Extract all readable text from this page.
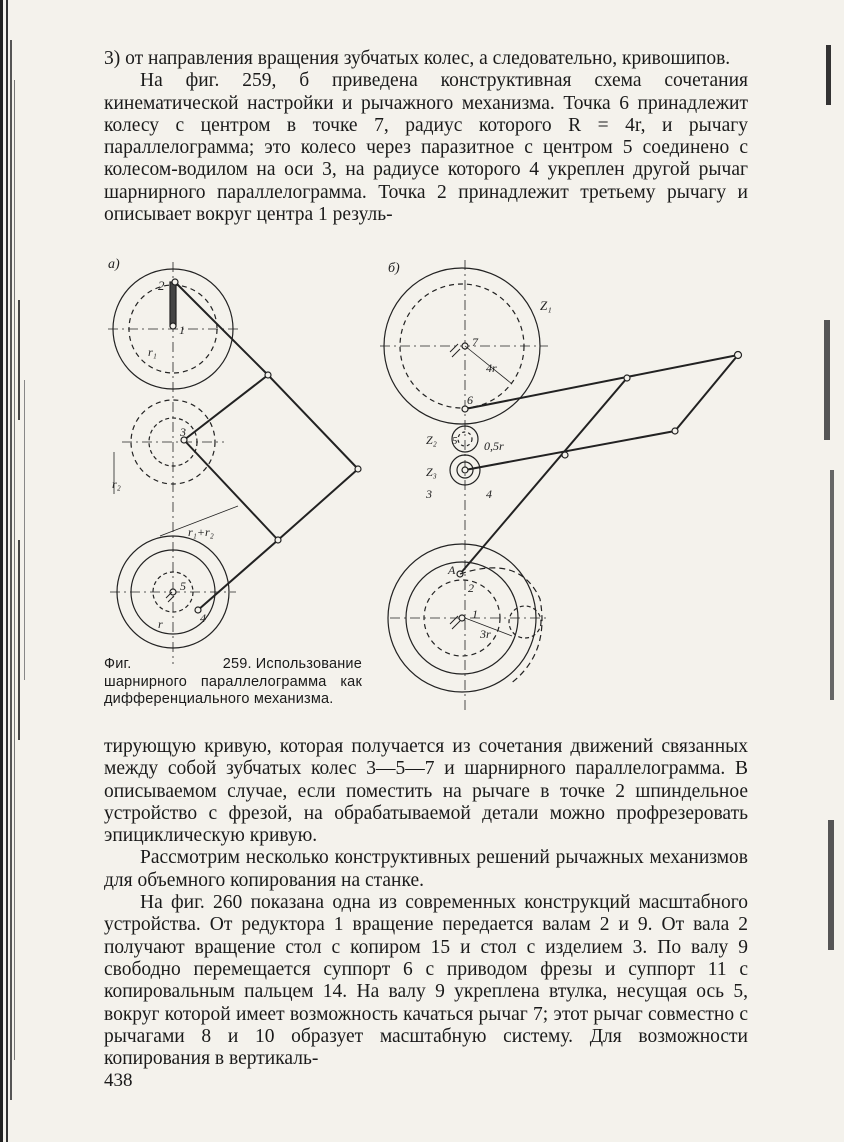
3) от направления вращения зубчатых колес, а следовательно, кривошипов.

На фиг. 259, б приведена конструктивная схема сочетания кинематической настройки и рычажного механизма. Точка 6 принадлежит колесу с центром в точке 7, радиус которого R = 4r, и рычагу параллелограмма; это колесо через паразитное с центром 5 соединено с колесом-водилом на оси 3, на радиусе которого 4 укреплен другой рычаг шарнирного параллелограмма. Точка 2 принадлежит третьему рычагу и описывает вокруг центра 1 резуль-

а)	б)
2
1
r₁
3
r₂
r₁+r₂
5
r	4
Z₁
7
4r
6
Z₂ 5 0,5r
Z₃
3	4
A
2
1
3r
Фиг. 259. Использование шарнирного параллелограмма как дифференциального механизма.

тирующую кривую, которая получается из сочетания движений связанных между собой зубчатых колес 3—5—7 и шарнирного параллелограмма. В описываемом случае, если поместить на рычаге в точке 2 шпиндельное устройство с фрезой, на обрабатываемой детали можно профрезеровать эпициклическую кривую.

Рассмотрим несколько конструктивных решений рычажных механизмов для объемного копирования на станке.

На фиг. 260 показана одна из современных конструкций масштабного устройства. От редуктора 1 вращение передается валам 2 и 9. От вала 2 получают вращение стол с копиром 15 и стол с изделием 3. По валу 9 свободно перемещается суппорт 6 с приводом фрезы и суппорт 11 с копировальным пальцем 14. На валу 9 укреплена втулка, несущая ось 5, вокруг которой имеет возможность качаться рычаг 7; этот рычаг совместно с рычагами 8 и 10 образует масштабную систему. Для возможности копирования в вертикаль-

438
